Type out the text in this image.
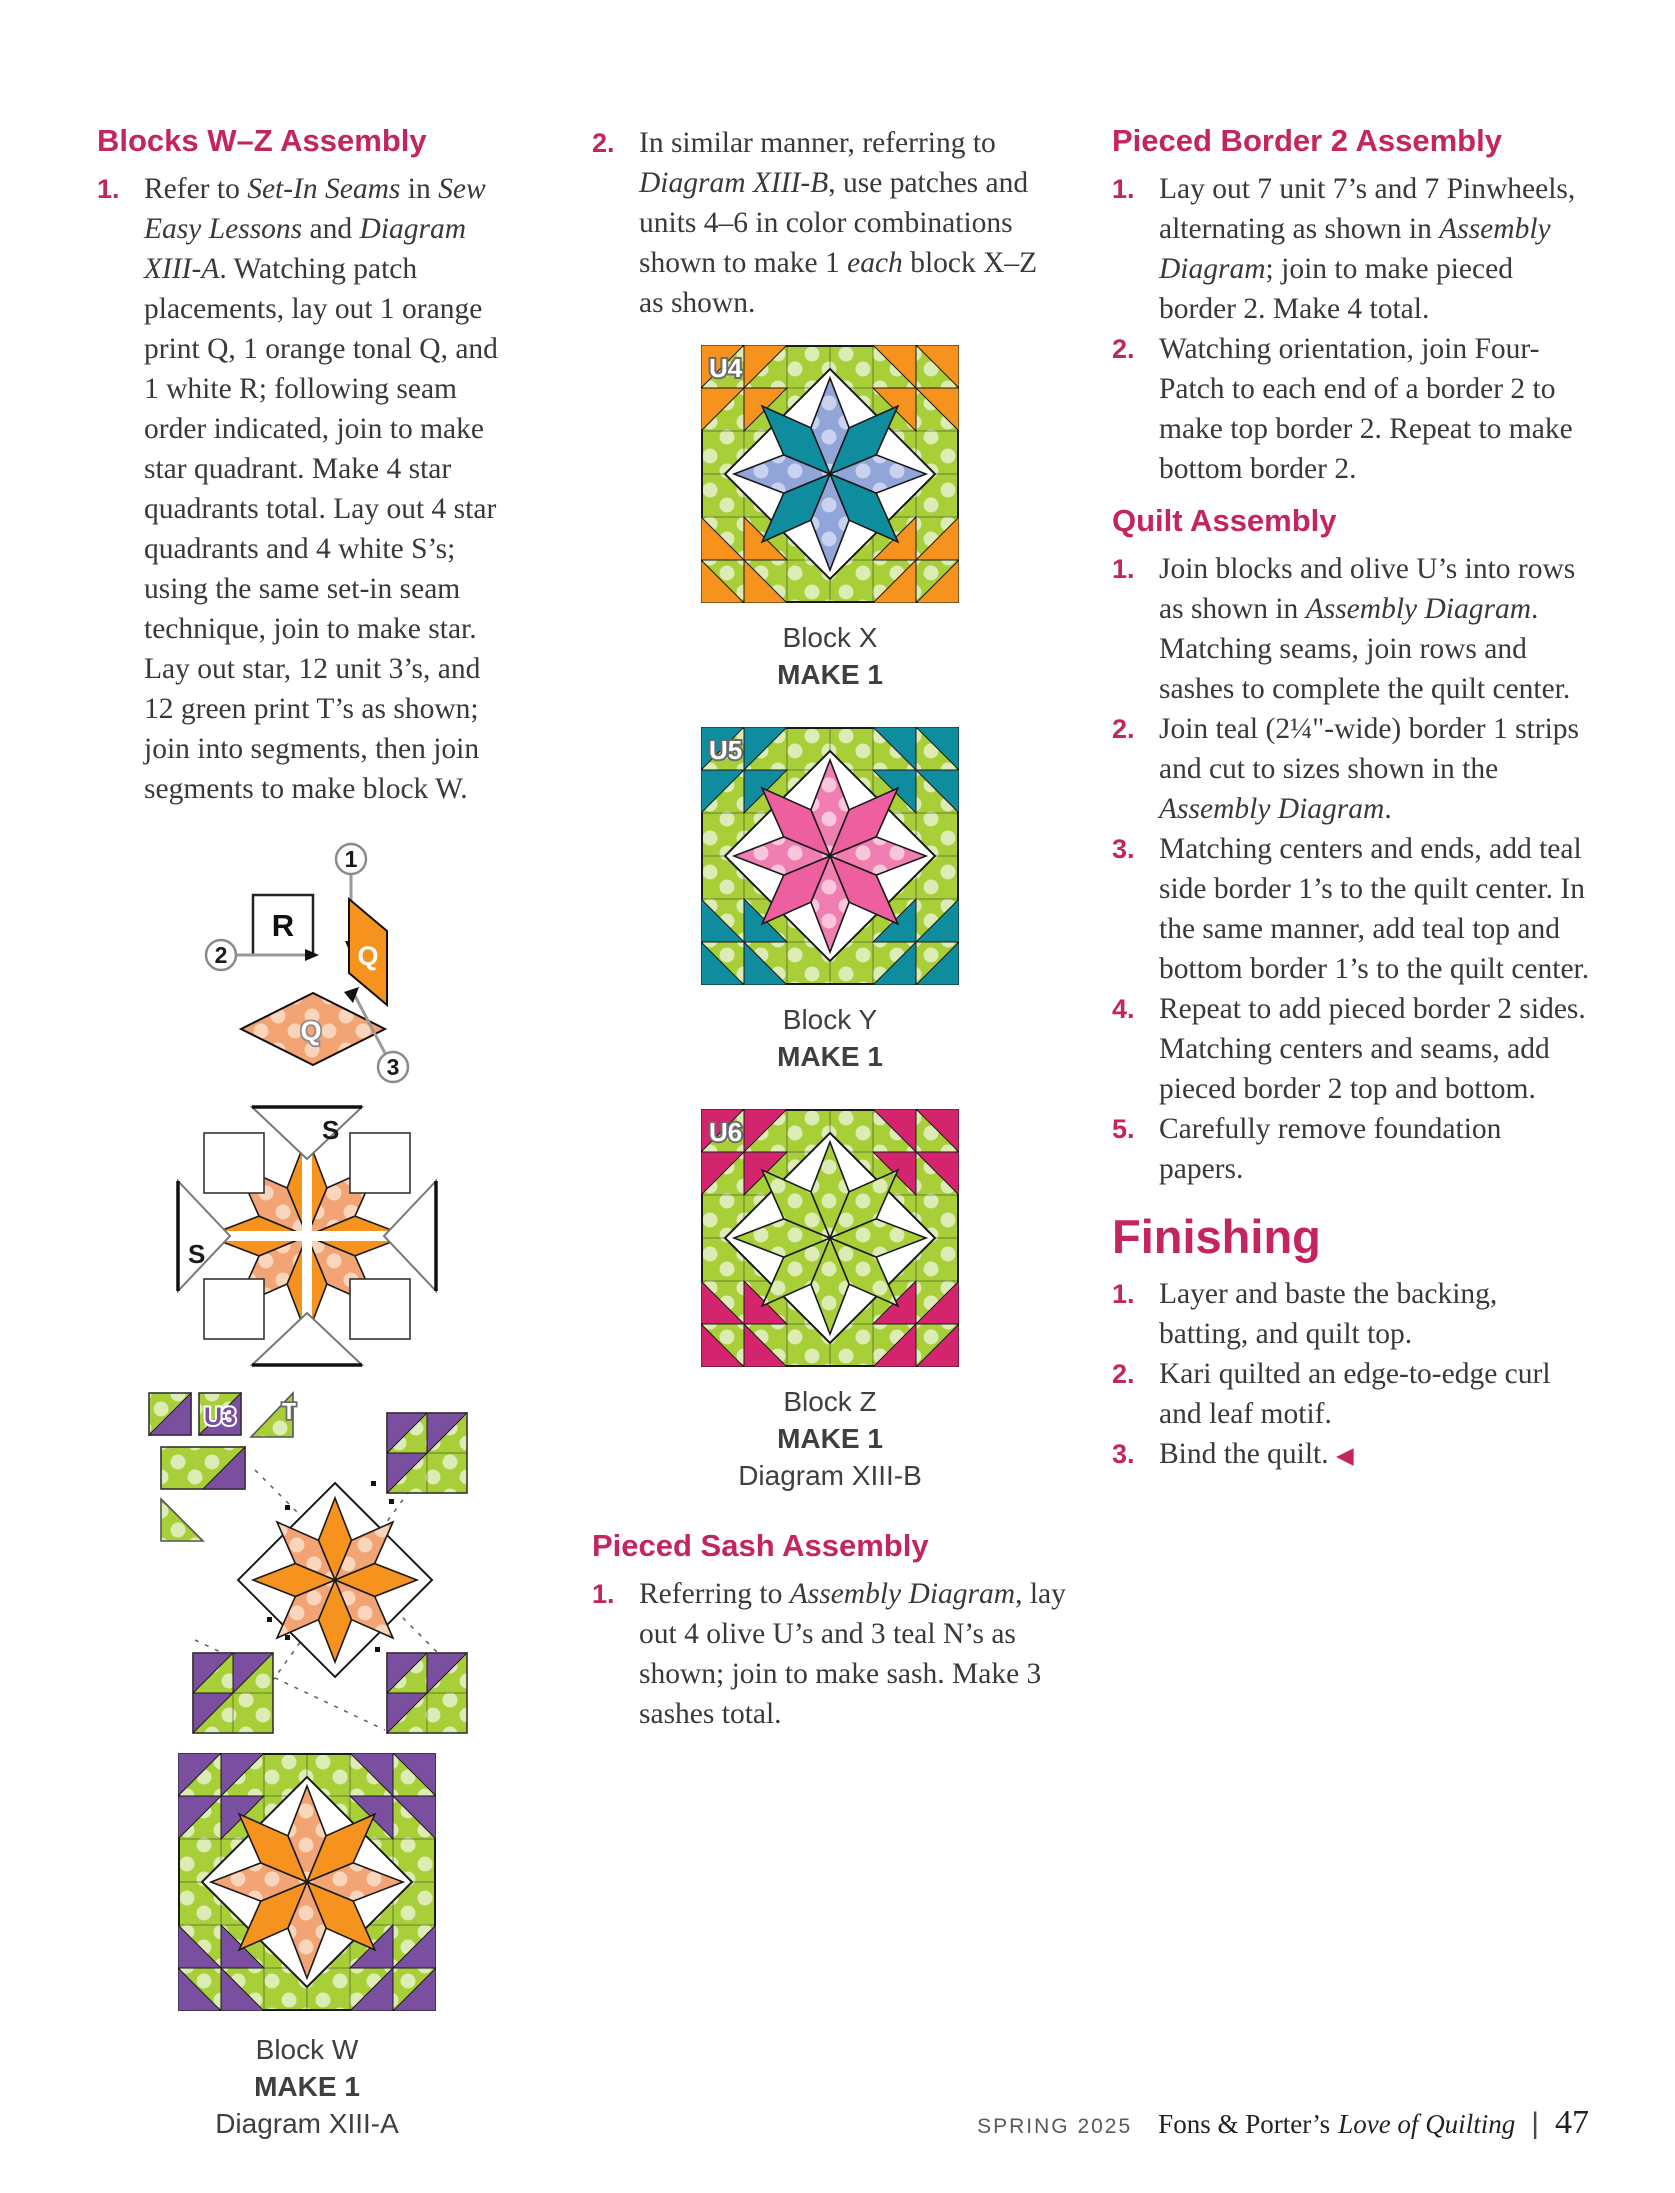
Blocks W–Z Assembly
1. Refer to Set-In Seams in Sew Easy Lessons and Diagram XIII-A. Watching patch placements, lay out 1 orange print Q, 1 orange tonal Q, and 1 white R; following seam order indicated, join to make star quadrant. Make 4 star quadrants total. Lay out 4 star quadrants and 4 white S’s; using the same set-in seam technique, join to make star. Lay out star, 12 unit 3’s, and 12 green print T’s as shown; join into segments, then join segments to make block W.
R
Q
Q
1
2
3
S
S
U3 T
Block W
MAKE 1
Diagram XIII-A
2. In similar manner, referring to Diagram XIII-B, use patches and units 4–6 in color combinations shown to make 1 each block X–Z as shown.
U4
Block X
MAKE 1
U5
Block Y
MAKE 1
U6
Block Z
MAKE 1
Diagram XIII-B
Pieced Sash Assembly
1. Referring to Assembly Diagram, lay out 4 olive U’s and 3 teal N’s as shown; join to make sash. Make 3 sashes total.
Pieced Border 2 Assembly
1. Lay out 7 unit 7’s and 7 Pinwheels, alternating as shown in Assembly Diagram; join to make pieced border 2. Make 4 total.
2. Watching orientation, join Four-Patch to each end of a border 2 to make top border 2. Repeat to make bottom border 2.
Quilt Assembly
1. Join blocks and olive U’s into rows as shown in Assembly Diagram. Matching seams, join rows and sashes to complete the quilt center.
2. Join teal (2¼"-wide) border 1 strips and cut to sizes shown in the Assembly Diagram.
3. Matching centers and ends, add teal side border 1’s to the quilt center. In the same manner, add teal top and bottom border 1’s to the quilt center.
4. Repeat to add pieced border 2 sides. Matching centers and seams, add pieced border 2 top and bottom.
5. Carefully remove foundation papers.
Finishing
1. Layer and baste the backing, batting, and quilt top.
2. Kari quilted an edge-to-edge curl and leaf motif.
3. Bind the quilt. ◀
SPRING 2025 Fons & Porter’s Love of Quilting | 47
